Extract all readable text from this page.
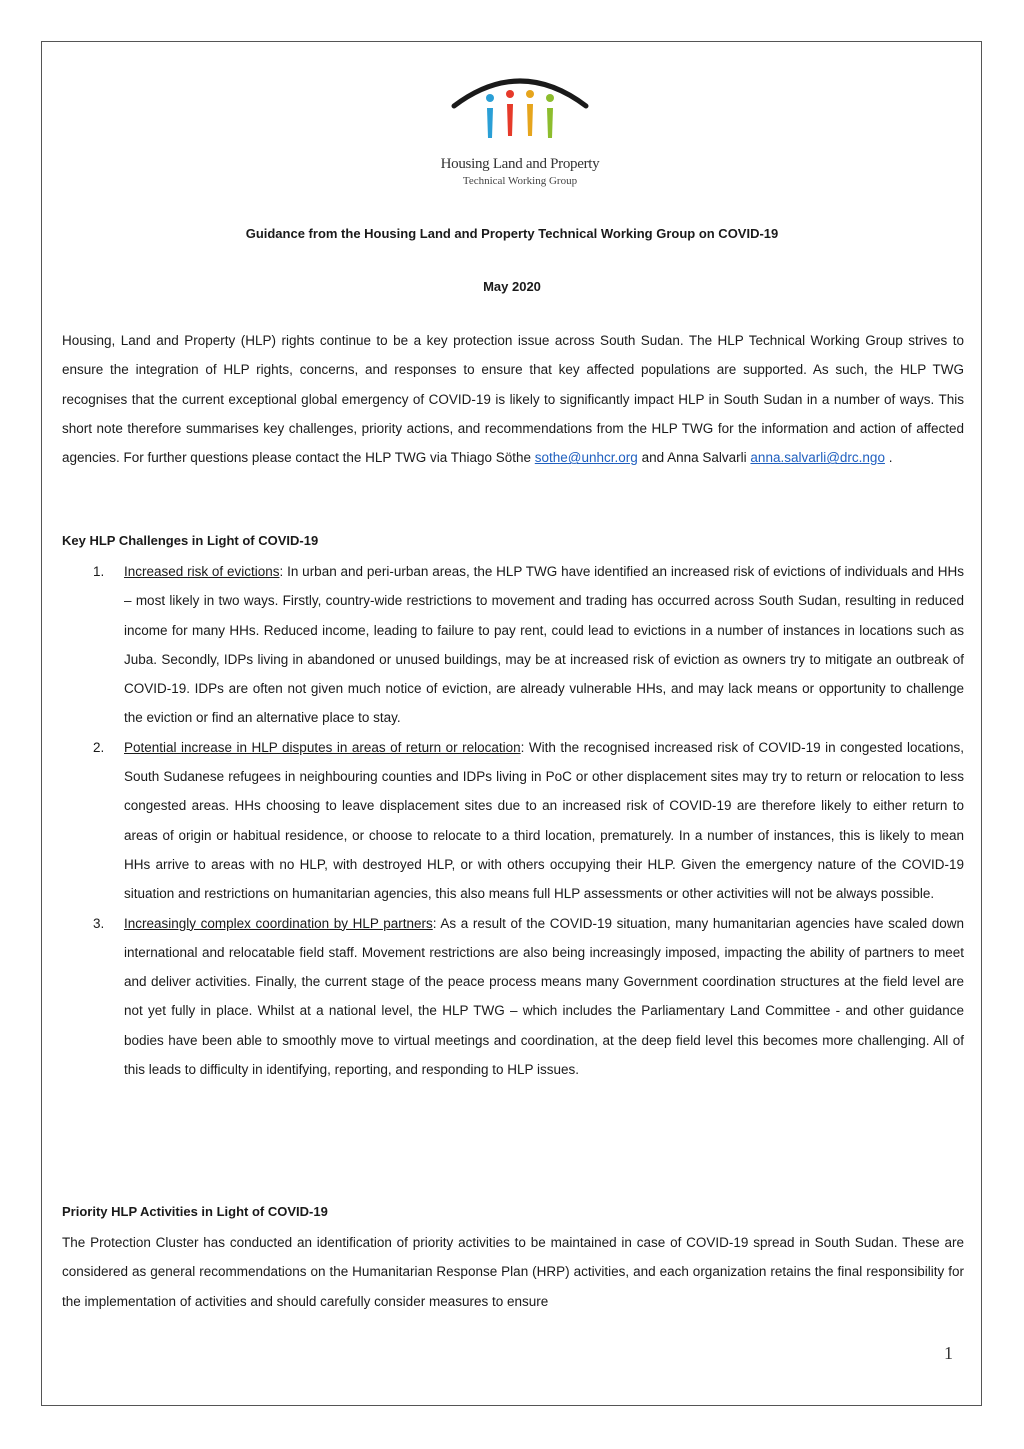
Housing Land and Property
Technical Working Group
Guidance from the Housing Land and Property Technical Working Group on COVID-19
May 2020

Housing, Land and Property (HLP) rights continue to be a key protection issue across South Sudan. The HLP Technical Working Group strives to ensure the integration of HLP rights, concerns, and responses to ensure that key affected populations are supported. As such, the HLP TWG recognises that the current exceptional global emergency of COVID-19 is likely to significantly impact HLP in South Sudan in a number of ways. This short note therefore summarises key challenges, priority actions, and recommendations from the HLP TWG for the information and action of affected agencies. For further questions please contact the HLP TWG via Thiago Söthe sothe@unhcr.org and Anna Salvarli anna.salvarli@drc.ngo .

Key HLP Challenges in Light of COVID-19
1. Increased risk of evictions: In urban and peri-urban areas, the HLP TWG have identified an increased risk of evictions of individuals and HHs – most likely in two ways. Firstly, country-wide restrictions to movement and trading has occurred across South Sudan, resulting in reduced income for many HHs. Reduced income, leading to failure to pay rent, could lead to evictions in a number of instances in locations such as Juba. Secondly, IDPs living in abandoned or unused buildings, may be at increased risk of eviction as owners try to mitigate an outbreak of COVID-19. IDPs are often not given much notice of eviction, are already vulnerable HHs, and may lack means or opportunity to challenge the eviction or find an alternative place to stay.
2. Potential increase in HLP disputes in areas of return or relocation: With the recognised increased risk of COVID-19 in congested locations, South Sudanese refugees in neighbouring counties and IDPs living in PoC or other displacement sites may try to return or relocation to less congested areas. HHs choosing to leave displacement sites due to an increased risk of COVID-19 are therefore likely to either return to areas of origin or habitual residence, or choose to relocate to a third location, prematurely. In a number of instances, this is likely to mean HHs arrive to areas with no HLP, with destroyed HLP, or with others occupying their HLP. Given the emergency nature of the COVID-19 situation and restrictions on humanitarian agencies, this also means full HLP assessments or other activities will not be always possible.
3. Increasingly complex coordination by HLP partners: As a result of the COVID-19 situation, many humanitarian agencies have scaled down international and relocatable field staff. Movement restrictions are also being increasingly imposed, impacting the ability of partners to meet and deliver activities. Finally, the current stage of the peace process means many Government coordination structures at the field level are not yet fully in place. Whilst at a national level, the HLP TWG – which includes the Parliamentary Land Committee - and other guidance bodies have been able to smoothly move to virtual meetings and coordination, at the deep field level this becomes more challenging. All of this leads to difficulty in identifying, reporting, and responding to HLP issues.
Priority HLP Activities in Light of COVID-19

The Protection Cluster has conducted an identification of priority activities to be maintained in case of COVID-19 spread in South Sudan. These are considered as general recommendations on the Humanitarian Response Plan (HRP) activities, and each organization retains the final responsibility for the implementation of activities and should carefully consider measures to ensure

1
